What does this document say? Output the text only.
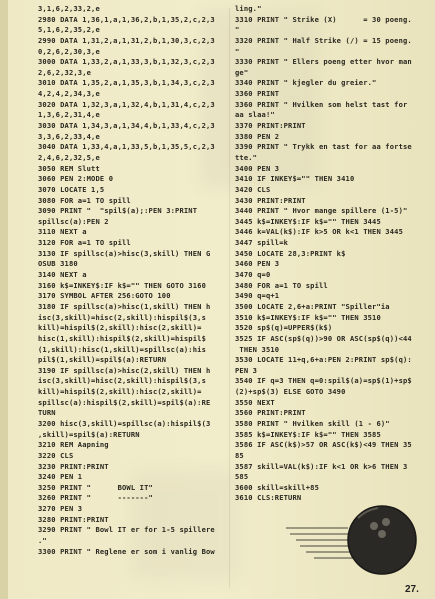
3,1,6,2,33,2,e
2980 DATA 1,36,1,a,1,36,2,b,1,35,2,c,2,3
5,1,6,2,35,2,e
2990 DATA 1,31,2,a,1,31,2,b,1,30,3,c,2,3
0,2,6,2,30,3,e
3000 DATA 1,33,2,a,1,33,3,b,1,32,3,c,2,3
2,6,2,32,3,e
3010 DATA 1,35,2,a,1,35,3,b,1,34,3,c,2,3
4,2,4,2,34,3,e
3020 DATA 1,32,3,a,1,32,4,b,1,31,4,c,2,3
1,3,6,2,31,4,e
3030 DATA 1,34,3,a,1,34,4,b,1,33,4,c,2,3
3,3,6,2,33,4,e
3040 DATA 1,33,4,a,1,33,5,b,1,35,5,c,2,3
2,4,6,2,32,5,e
3050 REM Slutt
3060 PEN 2:MODE 0
3070 LOCATE 1,5
3080 FOR a=1 TO spill
3090 PRINT "  "spil$(a);:PEN 3:PRINT
spillsc(a):PEN 2
3110 NEXT a
3120 FOR a=1 TO spill
3130 IF spillsc(a)>hisc(3,skill) THEN G
OSUB 3180
3140 NEXT a
3160 k$=INKEY$:IF k$="" THEN GOTO 3160
3170 SYMBOL AFTER 256:GOTO 100
3180 IF spillsc(a)>hisc(1,skill) THEN h
isc(3,skill)=hisc(2,skill):hispil$(3,s
kill)=hispil$(2,skill):hisc(2,skill)=
hisc(1,skill):hispil$(2,skill)=hispil$
(1,skill):hisc(1,skill)=spillsc(a):his
pil$(1,skill)=spil$(a):RETURN
3190 IF spillsc(a)>hisc(2,skill) THEN h
isc(3,skill)=hisc(2,skill):hispil$(3,s
kill)=hispil$(2,skill):hisc(2,skill)=
spillsc(a):hispil$(2,skill)=spil$(a):RE
TURN
3200 hisc(3,skill)=spillsc(a):hispil$(3
,skill)=spil$(a):RETURN
3210 REM Aapning
3220 CLS
3230 PRINT:PRINT
3240 PEN 1
3250 PRINT "      BOWL IT"
3260 PRINT "      -------"
3270 PEN 3
3280 PRINT:PRINT
3290 PRINT " Bowl IT er for 1-5 spillere
."
3300 PRINT " Reglene er som i vanlig Bow
ling."
3310 PRINT " Strike (X)      = 30 poeng.
"
3320 PRINT " Half Strike (/) = 15 poeng.
"
3330 PRINT " Ellers poeng etter hvor man
ge"
3340 PRINT " kjegler du greier."
3360 PRINT
3360 PRINT " Hvilken som helst tast for
aa slaa!"
3370 PRINT:PRINT
3380 PEN 2
3390 PRINT " Trykk en tast for aa fortse
tte."
3400 PEN 3
3410 IF INKEY$="" THEN 3410
3420 CLS
3430 PRINT:PRINT
3440 PRINT " Hvor mange spillere (1-5)"
3445 k$=INKEY$:IF k$="" THEN 3445
3446 k=VAL(k$):IF k>5 OR k<1 THEN 3445
3447 spill=k
3450 LOCATE 28,3:PRINT k$
3460 PEN 3
3470 q=0
3480 FOR a=1 TO spill
3490 q=q+1
3500 LOCATE 2,6+a:PRINT "Spiller"ia
3510 k$=INKEY$:IF k$="" THEN 3510
3520 sp$(q)=UPPER$(k$)
3525 IF ASC(sp$(q))>90 OR ASC(sp$(q))<44
THEN 3510
3530 LOCATE 11+q,6+a:PEN 2:PRINT sp$(q):
PEN 3
3540 IF q=3 THEN q=0:spil$(a)=sp$(1)+sp$
(2)+sp$(3) ELSE GOTO 3490
3550 NEXT
3560 PRINT:PRINT
3580 PRINT " Hvilken skill (1 - 6)"
3585 k$=INKEY$:IF k$="" THEN 3585
3586 IF ASC(k$)>57 OR ASC(k$)<49 THEN 35
85
3587 skill=VAL(k$):IF k<1 OR k>6 THEN 3
585
3600 skill=skill+85
3610 CLS:RETURN
27.
